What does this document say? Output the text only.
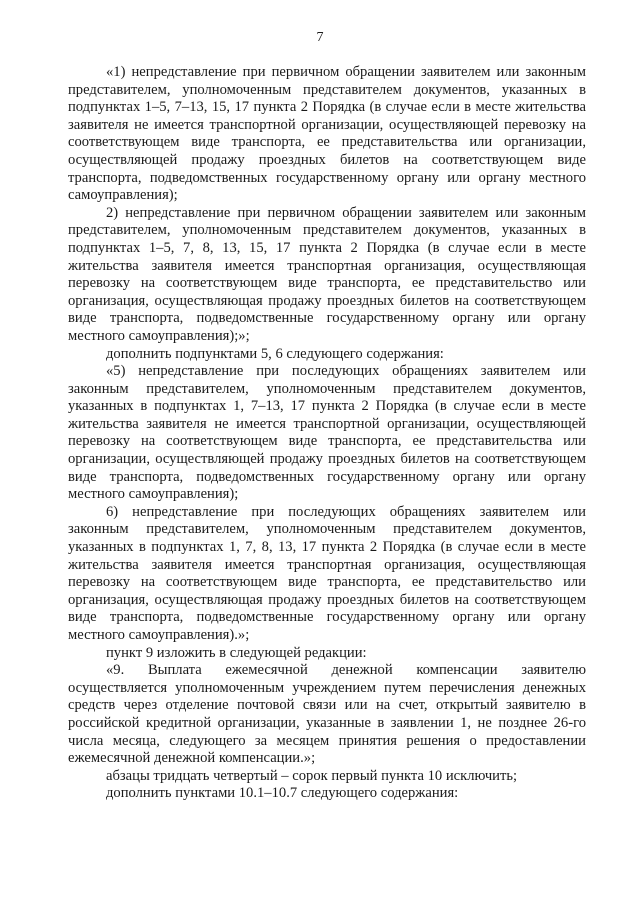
7

«1) непредставление при первичном обращении заявителем или законным представителем, уполномоченным представителем документов, указанных в подпунктах 1–5, 7–13, 15, 17 пункта 2 Порядка (в случае если в месте жительства заявителя не имеется транспортной организации, осуществляющей перевозку на соответствующем виде транспорта, ее представительства или организации, осуществляющей продажу проездных билетов на соответствующем виде транспорта, подведомственных государственному органу или органу местного самоуправления);

2) непредставление при первичном обращении заявителем или законным представителем, уполномоченным представителем документов, указанных в подпунктах 1–5, 7, 8, 13, 15, 17 пункта 2 Порядка (в случае если в месте жительства заявителя имеется транспортная организация, осуществляющая перевозку на соответствующем виде транспорта, ее представительство или организация, осуществляющая продажу проездных билетов на соответствующем виде транспорта, подведомственные государственному органу или органу местного самоуправления);»;

дополнить подпунктами 5, 6 следующего содержания:

«5) непредставление при последующих обращениях заявителем или законным представителем, уполномоченным представителем документов, указанных в подпунктах 1, 7–13, 17 пункта 2 Порядка (в случае если в месте жительства заявителя не имеется транспортной организации, осуществляющей перевозку на соответствующем виде транспорта, ее представительства или организации, осуществляющей продажу проездных билетов на соответствующем виде транспорта, подведомственных государственному органу или органу местного самоуправления);

6) непредставление при последующих обращениях заявителем или законным представителем, уполномоченным представителем документов, указанных в подпунктах 1, 7, 8, 13, 17 пункта 2 Порядка (в случае если в месте жительства заявителя имеется транспортная организация, осуществляющая перевозку на соответствующем виде транспорта, ее представительство или организация, осуществляющая продажу проездных билетов на соответствующем виде транспорта, подведомственные государственному органу или органу местного самоуправления).»;

пункт 9 изложить в следующей редакции:

«9. Выплата ежемесячной денежной компенсации заявителю осуществляется уполномоченным учреждением путем перечисления денежных средств через отделение почтовой связи или на счет, открытый заявителю в российской кредитной организации, указанные в заявлении 1, не позднее 26-го числа месяца, следующего за месяцем принятия решения о предоставлении ежемесячной денежной компенсации.»;

абзацы тридцать четвертый – сорок первый пункта 10 исключить;

дополнить пунктами 10.1–10.7 следующего содержания:
